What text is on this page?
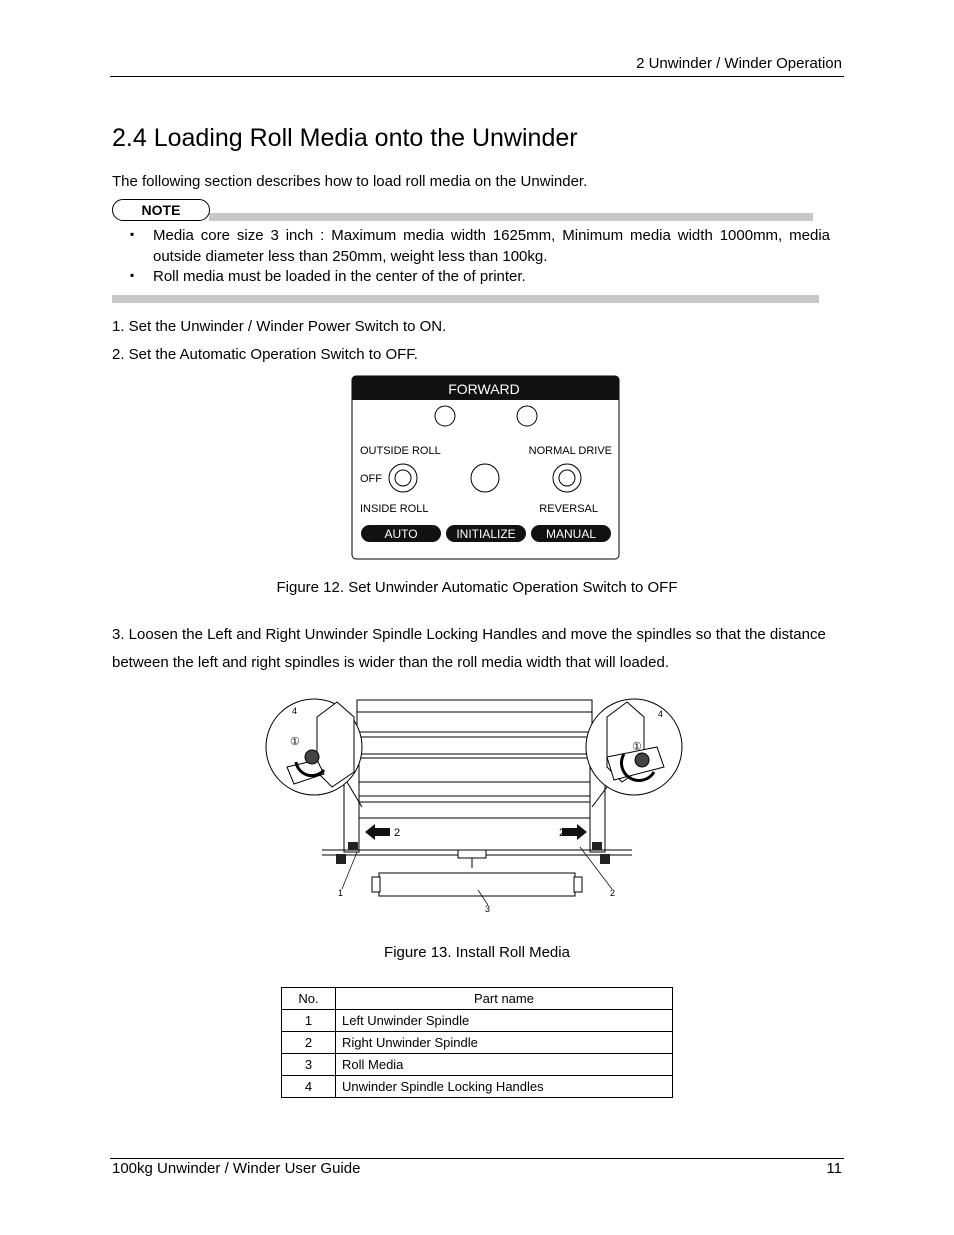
2 Unwinder / Winder Operation
2.4 Loading Roll Media onto the Unwinder
The following section describes how to load roll media on the Unwinder.
NOTE
▪ Media core size 3 inch : Maximum media width 1625mm, Minimum media width 1000mm, media outside diameter less than 250mm, weight less than 100kg.
▪ Roll media must be loaded in the center of the of printer.
1. Set the Unwinder / Winder Power Switch to ON.
2. Set the Automatic Operation Switch to OFF.
FORWARD
OUTSIDE ROLL	NORMAL DRIVE
OFF
INSIDE ROLL	REVERSAL
AUTO	INITIALIZE	MANUAL
Figure 12. Set Unwinder Automatic Operation Switch to OFF
3. Loosen the Left and Right Unwinder Spindle Locking Handles and move the spindles so that the distance between the left and right spindles is wider than the roll media width that will loaded.
2	2
4
①
4
①
1	2
3
Figure 13. Install Roll Media
No.	Part name
1	Left Unwinder Spindle
2	Right Unwinder Spindle
3	Roll Media
4	Unwinder Spindle Locking Handles
100kg Unwinder / Winder User Guide	11
